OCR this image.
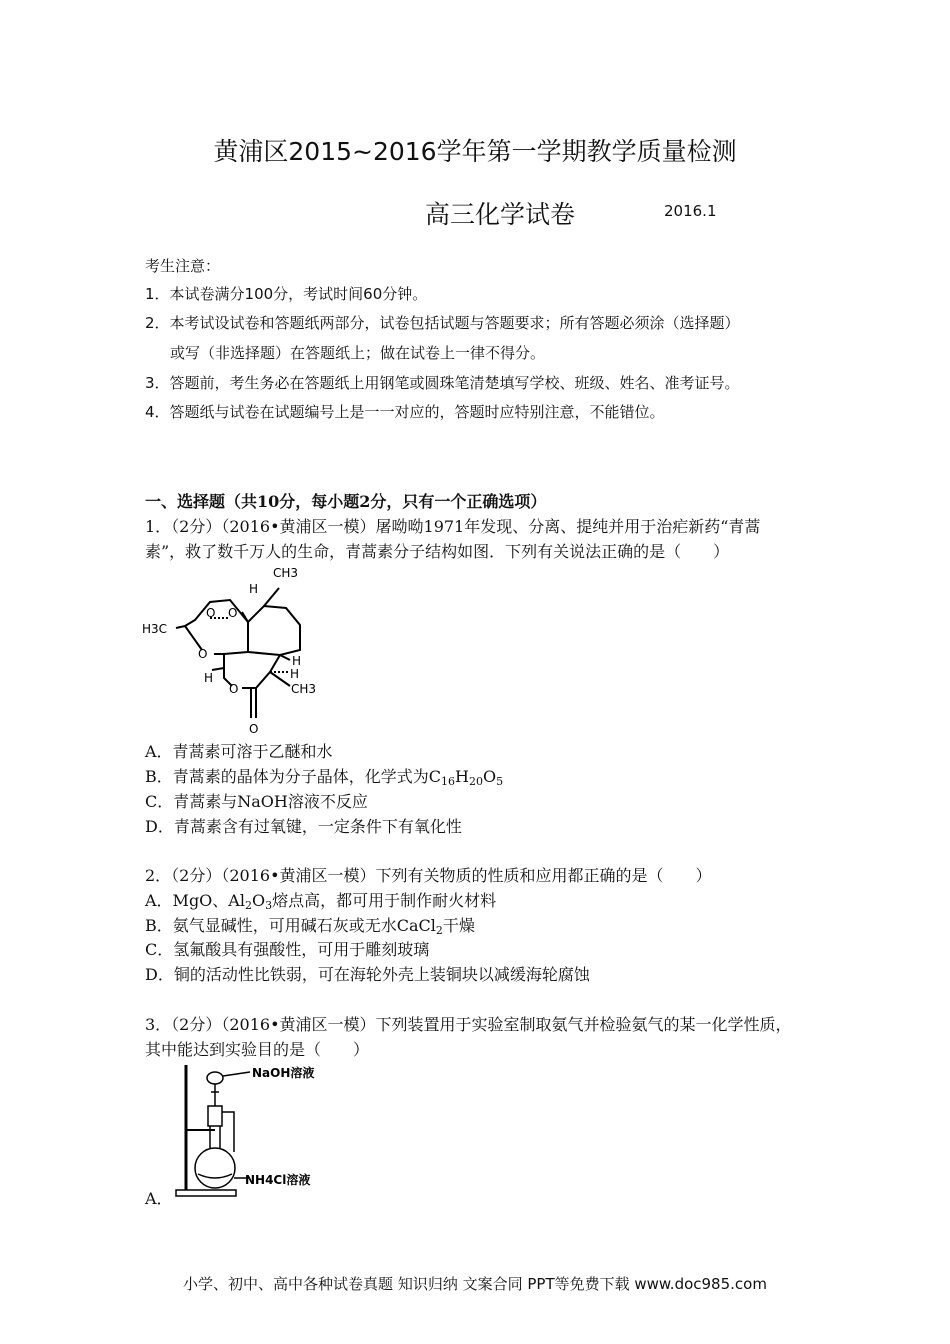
黄浦区2015~2016学年第一学期教学质量检测
高三化学试卷	2016.1
考生注意：
1．本试卷满分100分，考试时间60分钟。
2．本考试设试卷和答题纸两部分，试卷包括试题与答题要求；所有答题必须涂（选择题）
或写（非选择题）在答题纸上；做在试卷上一律不得分。
3．答题前，考生务必在答题纸上用钢笔或圆珠笔清楚填写学校、班级、姓名、准考证号。
4．答题纸与试卷在试题编号上是一一对应的，答题时应特别注意，不能错位。
一、选择题（共10分，每小题2分，只有一个正确选项）
1．（2分）（2016•黄浦区一模）屠呦呦1971年发现、分离、提纯并用于治疟新药“青蒿
素”，救了数千万人的生命，青蒿素分子结构如图．下列有关说法正确的是（　　）
CH3
H
H3C
O O
O
O
H
H
H
CH3
O
A．青蒿素可溶于乙醚和水
B．青蒿素的晶体为分子晶体，化学式为$C_{16}H_{20}O_5$
C．青蒿素与NaOH溶液不反应
D．青蒿素含有过氧键，一定条件下有氧化性
2．（2分）（2016•黄浦区一模）下列有关物质的性质和应用都正确的是（　　）
A．MgO、$Al_2O_3$熔点高，都可用于制作耐火材料
B．氨气显碱性，可用碱石灰或无水CaCl$_2$干燥
C．氢氟酸具有强酸性，可用于雕刻玻璃
D．铜的活动性比铁弱，可在海轮外壳上装铜块以减缓海轮腐蚀
3．（2分）（2016•黄浦区一模）下列装置用于实验室制取氨气并检验氨气的某一化学性质，
其中能达到实验目的是（　　）
NaOH溶液
NH4Cl溶液
A．
小学、初中、高中各种试卷真题 知识归纳 文案合同 PPT等免费下载 www.doc985.com
